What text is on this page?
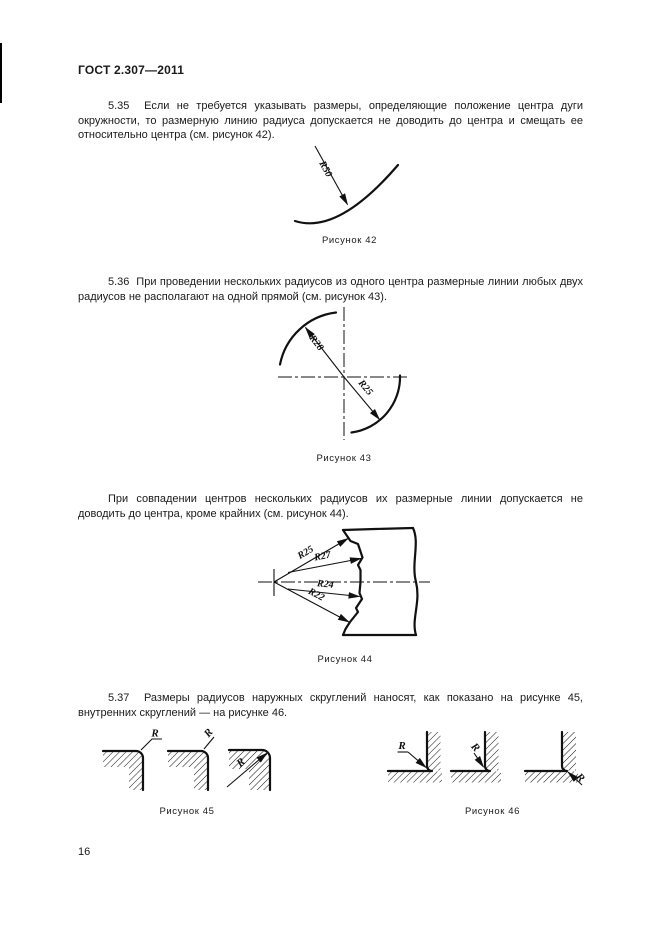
ГОСТ 2.307—2011

5.35  Если не требуется указывать размеры, определяющие положение центра дуги окружности, то размерную линию радиуса допускается не доводить до центра и смещать ее относительно центра (см. рисунок 42).

R50
Рисунок 42

5.36  При проведении нескольких радиусов из одного центра размерные линии любых двух радиусов не располагают на одной прямой (см. рисунок 43).

R28
R25
Рисунок 43

При совпадении центров нескольких радиусов их размерные линии допускается не доводить до центра, кроме крайних (см. рисунок 44).

R25
R27
R24
R22
Рисунок 44

5.37  Размеры радиусов наружных скруглений наносят, как показано на рисунке 45, внутренних скруглений — на рисунке 46.

R	R
R
Рисунок 45
R	R
R
Рисунок 46
16
